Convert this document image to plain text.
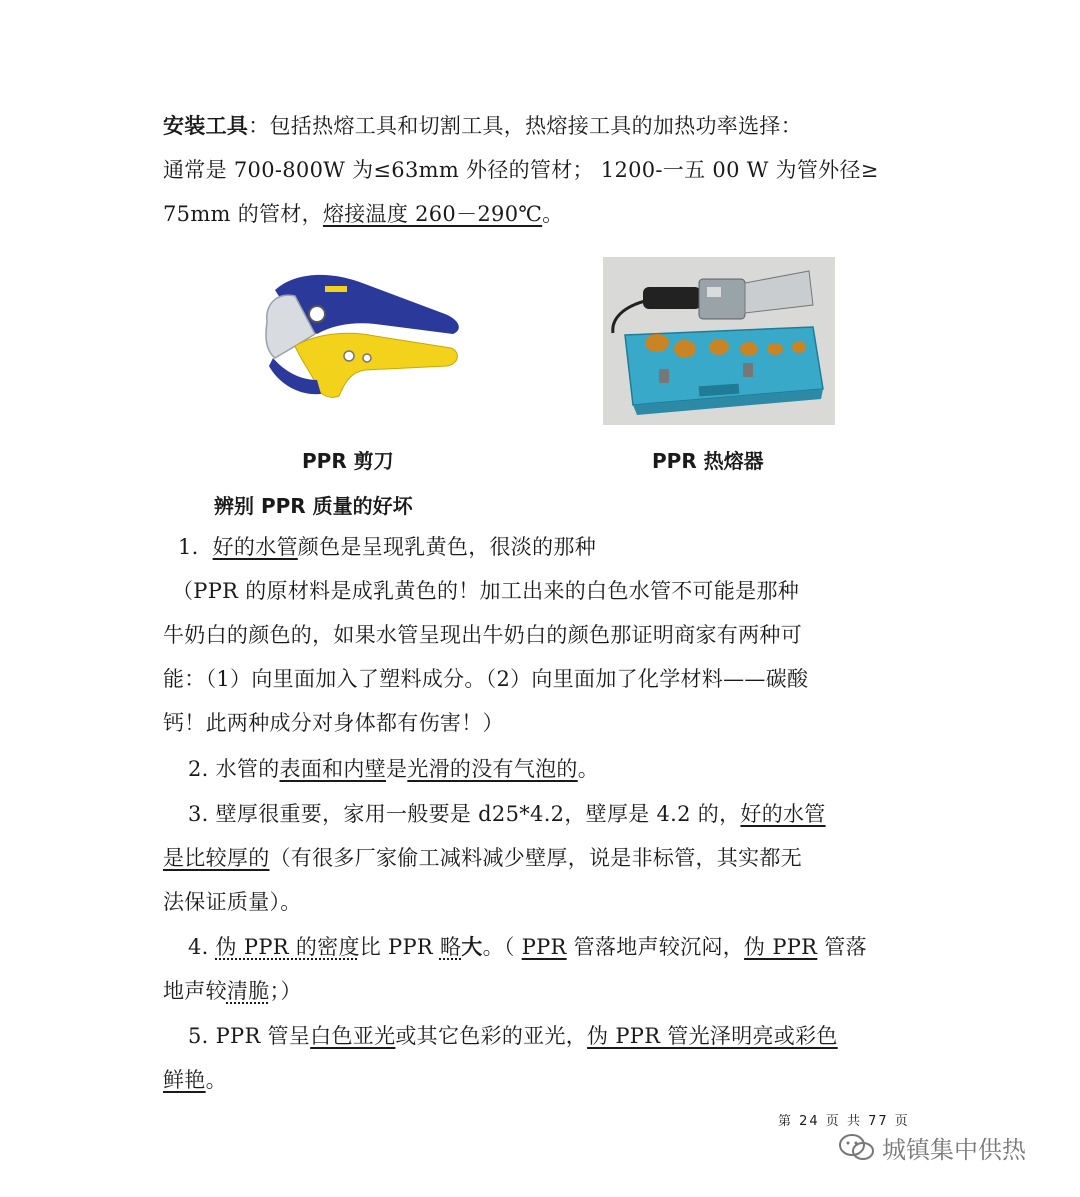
安装工具：包括热熔工具和切割工具，热熔接工具的加热功率选择：
通常是 700-800W 为≤63mm 外径的管材； 1200-一五 00 W 为管外径≥
75mm 的管材，熔接温度 260－290℃。
PPR 剪刀	PPR 热熔器
辨别 PPR 质量的好坏
1. 好的水管颜色是呈现乳黄色，很淡的那种
（PPR 的原材料是成乳黄色的！加工出来的白色水管不可能是那种
牛奶白的颜色的，如果水管呈现出牛奶白的颜色那证明商家有两种可
能：（1）向里面加入了塑料成分。（2）向里面加了化学材料——碳酸
钙！此两种成分对身体都有伤害！）
2. 水管的表面和内壁是光滑的没有气泡的。
3. 壁厚很重要，家用一般要是 d25*4.2，壁厚是 4.2 的，好的水管
是比较厚的（有很多厂家偷工减料减少壁厚，说是非标管，其实都无
法保证质量）。
4. 伪 PPR 的密度比 PPR 略大。（ PPR 管落地声较沉闷，伪 PPR 管落
地声较清脆；）
5. PPR 管呈白色亚光或其它色彩的亚光，伪 PPR 管光泽明亮或彩色
鲜艳。
第 24 页 共 77 页
城镇集中供热
